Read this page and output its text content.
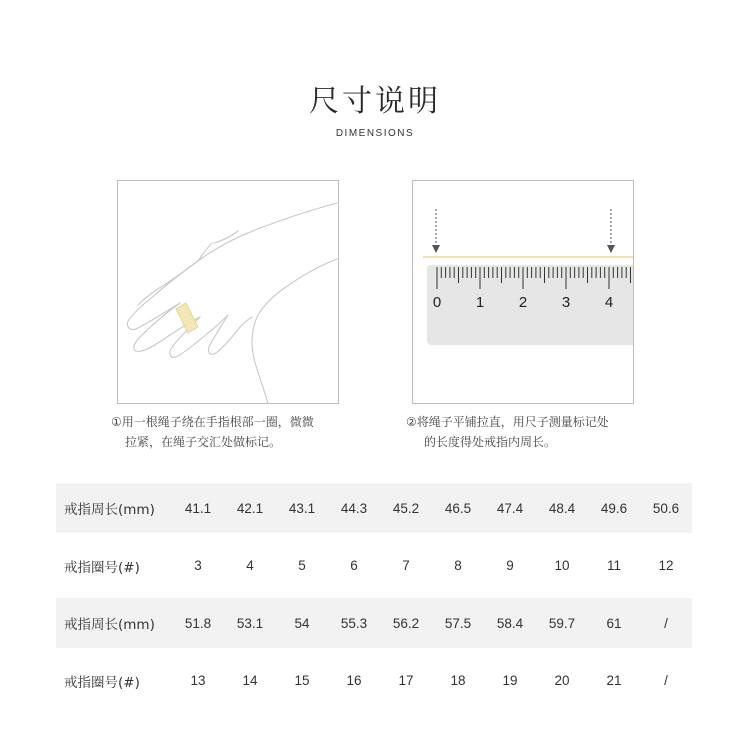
尺寸说明
DIMENSIONS
0 1 2 3 4
①用一根绳子绕在手指根部一圈，微微
拉紧，在绳子交汇处做标记。
②将绳子平铺拉直，用尺子测量标记处
的长度得处戒指内周长。
戒指周长(mm)	41.1	42.1	43.1	44.3	45.2	46.5	47.4	48.4	49.6	50.6
戒指圈号(#)	3	4	5	6	7	8	9	10	11	12
戒指周长(mm)	51.8	53.1	54	55.3	56.2	57.5	58.4	59.7	61	/
戒指圈号(#)	13	14	15	16	17	18	19	20	21	/
